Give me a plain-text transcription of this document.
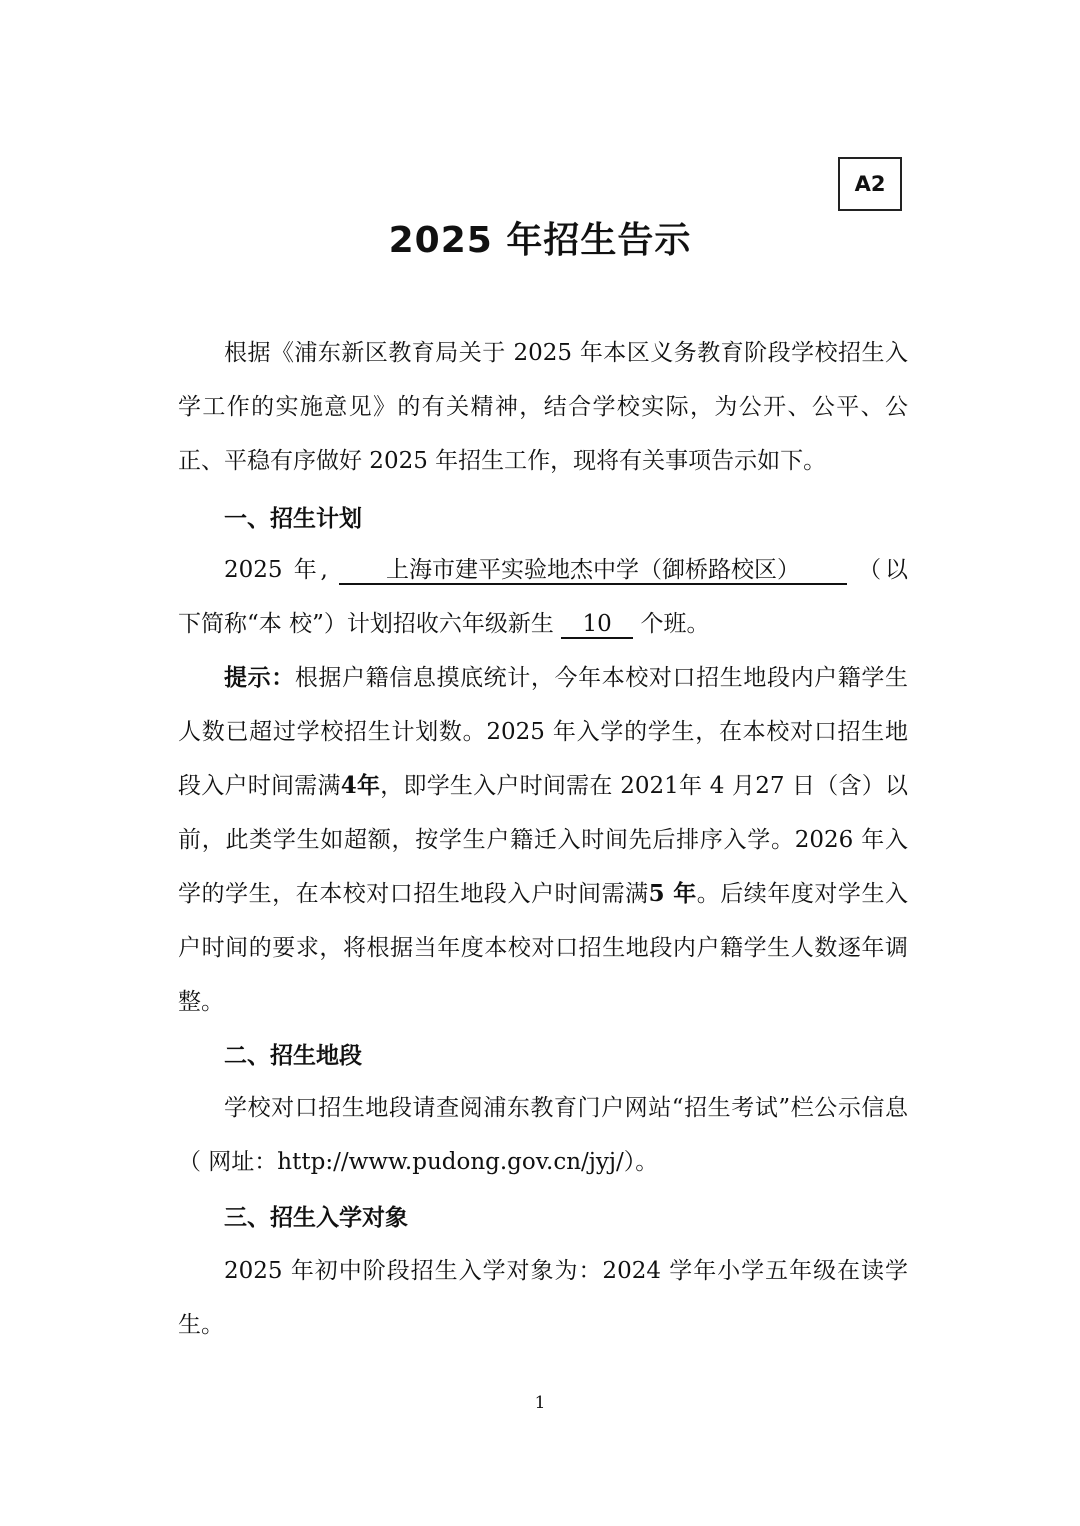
A2
2025 年招生告示
根据《浦东新区教育局关于 2025 年本区义务教育阶段学校招生入学工作的实施意见》的有关精神，结合学校实际，为公开、公平、公正、平稳有序做好 2025 年招生工作，现将有关事项告示如下。
一、招生计划
2025 年,	上海市建平实验地杰中学（御桥路校区）	（以下简称“本 校”）计划招收六年级新生 10 个班。
提示：根据户籍信息摸底统计，今年本校对口招生地段内户籍学生人数已超过学校招生计划数。2025 年入学的学生，在本校对口招生地段入户时间需满4年，即学生入户时间需在 2021年 4 月27 日（含）以前，此类学生如超额，按学生户籍迁入时间先后排序入学。2026 年入学的学生，在本校对口招生地段入户时间需满5 年。后续年度对学生入户时间的要求，将根据当年度本校对口招生地段内户籍学生人数逐年调整。
二、招生地段
学校对口招生地段请查阅浦东教育门户网站“招生考试”栏公示信息（ 网址：http://www.pudong.gov.cn/jyj/）。
三、招生入学对象
2025 年初中阶段招生入学对象为：2024 学年小学五年级在读学生。
1
